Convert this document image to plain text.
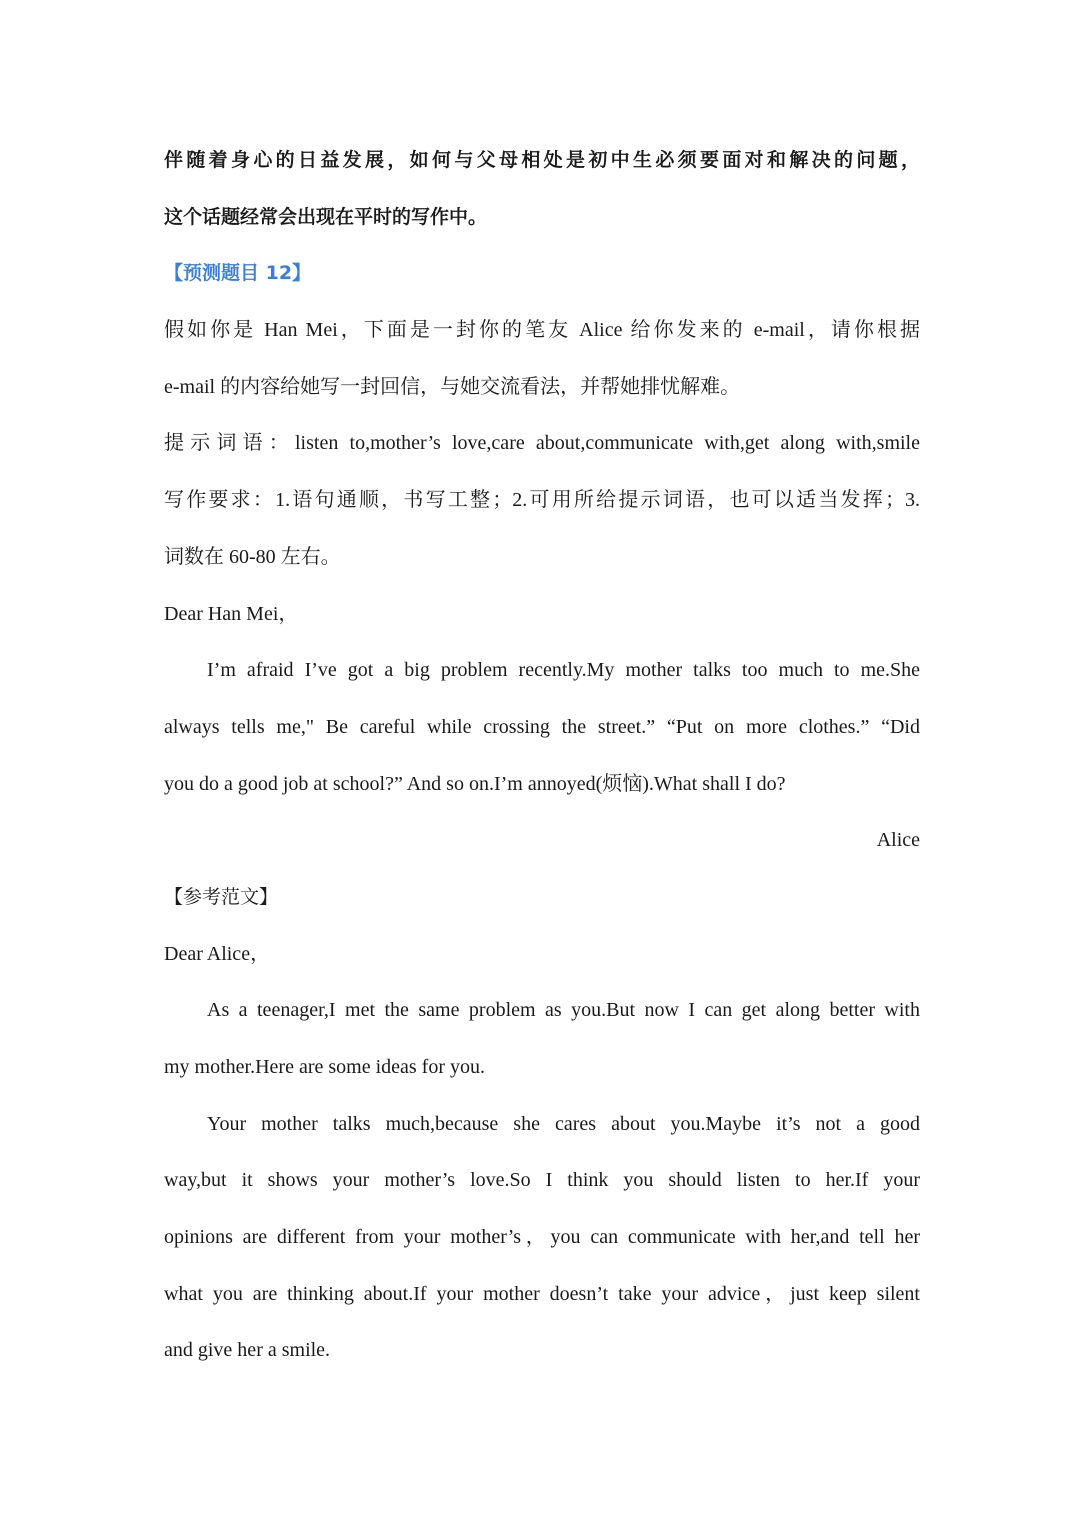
伴随着身心的日益发展，如何与父母相处是初中生必须要面对和解决的问题，
这个话题经常会出现在平时的写作中。
【预测题目 12】
假如你是 Han Mei，下面是一封你的笔友 Alice 给你发来的 e-mail，请你根据
e-mail 的内容给她写一封回信，与她交流看法，并帮她排忧解难。
提示词语：listen to,mother’s love,care about,communicate with,get along with,smile
写作要求：1.语句通顺，书写工整；2.可用所给提示词语，也可以适当发挥；3.
词数在 60-80 左右。
Dear Han Mei，
I’m afraid I’ve got a big problem recently.My mother talks too much to me.She
always tells me," Be careful while crossing the street.” “Put on more clothes.” “Did
you do a good job at school?” And so on.I’m annoyed(烦恼).What shall I do?
Alice
【参考范文】
Dear Alice，
As a teenager,I met the same problem as you.But now I can get along better with
my mother.Here are some ideas for you.
Your mother talks much,because she cares about you.Maybe it’s not a good
way,but it shows your mother’s love.So I think you should listen to her.If your
opinions are different from your mother’s，you can communicate with her,and tell her
what you are thinking about.If your mother doesn’t take your advice，just keep silent
and give her a smile.
